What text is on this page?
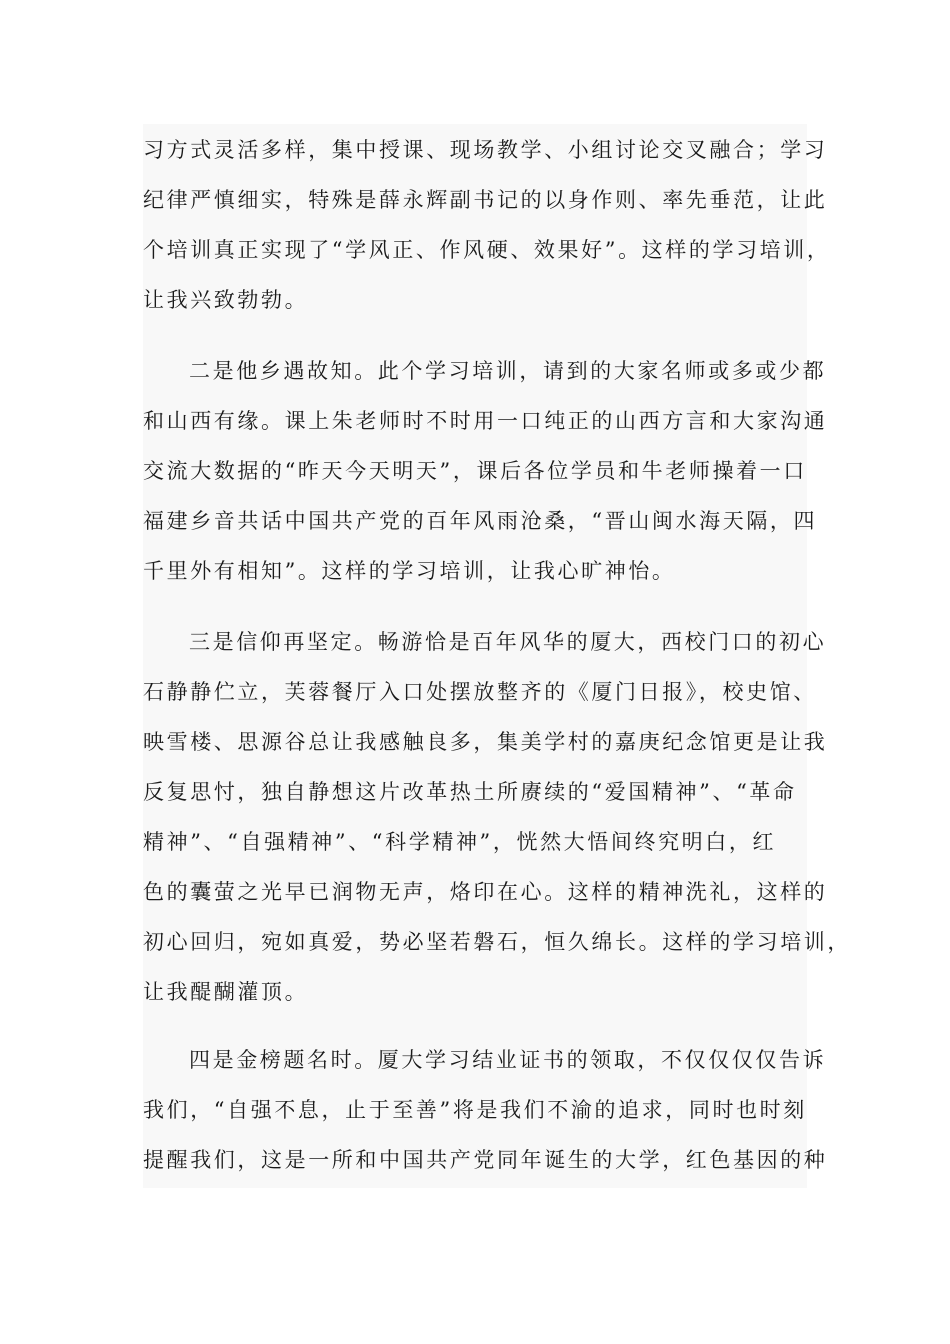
习方式灵活多样，集中授课、现场教学、小组讨论交叉融合；学习
纪律严慎细实，特殊是薛永辉副书记的以身作则、率先垂范，让此
个培训真正实现了“学风正、作风硬、效果好”。这样的学习培训，
让我兴致勃勃。
二是他乡遇故知。此个学习培训，请到的大家名师或多或少都
和山西有缘。课上朱老师时不时用一口纯正的山西方言和大家沟通
交流大数据的“昨天今天明天”，课后各位学员和牛老师操着一口
福建乡音共话中国共产党的百年风雨沧桑，“晋山闽水海天隔，四
千里外有相知”。这样的学习培训，让我心旷神怡。
三是信仰再坚定。畅游恰是百年风华的厦大，西校门口的初心
石静静伫立，芙蓉餐厅入口处摆放整齐的《厦门日报》，校史馆、
映雪楼、思源谷总让我感触良多，集美学村的嘉庚纪念馆更是让我
反复思忖，独自静想这片改革热土所赓续的“爱国精神”、“革命
精神”、“自强精神”、“科学精神”，恍然大悟间终究明白，红
色的囊萤之光早已润物无声，烙印在心。这样的精神洗礼，这样的
初心回归，宛如真爱，势必坚若磐石，恒久绵长。这样的学习培训，
让我醍醐灌顶。
四是金榜题名时。厦大学习结业证书的领取，不仅仅仅仅告诉
我们，“自强不息，止于至善”将是我们不渝的追求，同时也时刻
提醒我们，这是一所和中国共产党同年诞生的大学，红色基因的种
